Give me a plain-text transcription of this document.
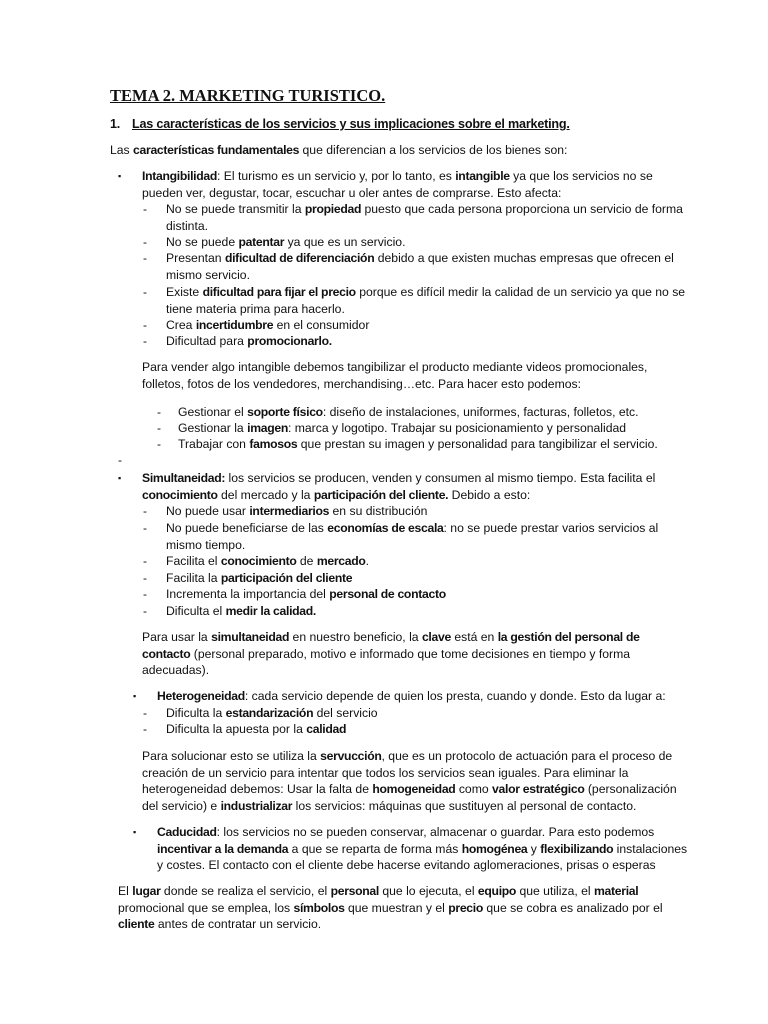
TEMA 2. MARKETING TURISTICO.
1. Las características de los servicios y sus implicaciones sobre el marketing.
Las características fundamentales que diferencian a los servicios de los bienes son:
▪ Intangibilidad: El turismo es un servicio y, por lo tanto, es intangible ya que los servicios no se
pueden ver, degustar, tocar, escuchar u oler antes de comprarse. Esto afecta:
- No se puede transmitir la propiedad puesto que cada persona proporciona un servicio de forma
distinta.
- No se puede patentar ya que es un servicio.
- Presentan dificultad de diferenciación debido a que existen muchas empresas que ofrecen el
mismo servicio.
- Existe dificultad para fijar el precio porque es difícil medir la calidad de un servicio ya que no se
tiene materia prima para hacerlo.
- Crea incertidumbre en el consumidor
- Dificultad para promocionarlo.
Para vender algo intangible debemos tangibilizar el producto mediante videos promocionales,
folletos, fotos de los vendedores, merchandising…etc. Para hacer esto podemos:
- Gestionar el soporte físico: diseño de instalaciones, uniformes, facturas, folletos, etc.
- Gestionar la imagen: marca y logotipo. Trabajar su posicionamiento y personalidad
- Trabajar con famosos que prestan su imagen y personalidad para tangibilizar el servicio.
-
▪ Simultaneidad: los servicios se producen, venden y consumen al mismo tiempo. Esta facilita el
conocimiento del mercado y la participación del cliente. Debido a esto:
- No puede usar intermediarios en su distribución
- No puede beneficiarse de las economías de escala: no se puede prestar varios servicios al
mismo tiempo.
- Facilita el conocimiento de mercado.
- Facilita la participación del cliente
- Incrementa la importancia del personal de contacto
- Dificulta el medir la calidad.
Para usar la simultaneidad en nuestro beneficio, la clave está en la gestión del personal de
contacto (personal preparado, motivo e informado que tome decisiones en tiempo y forma
adecuadas).
▪ Heterogeneidad: cada servicio depende de quien los presta, cuando y donde. Esto da lugar a:
- Dificulta la estandarización del servicio
- Dificulta la apuesta por la calidad
Para solucionar esto se utiliza la servucción, que es un protocolo de actuación para el proceso de
creación de un servicio para intentar que todos los servicios sean iguales. Para eliminar la
heterogeneidad debemos: Usar la falta de homogeneidad como valor estratégico (personalización
del servicio) e industrializar los servicios: máquinas que sustituyen al personal de contacto.
▪ Caducidad: los servicios no se pueden conservar, almacenar o guardar. Para esto podemos
incentivar a la demanda a que se reparta de forma más homogénea y flexibilizando instalaciones
y costes. El contacto con el cliente debe hacerse evitando aglomeraciones, prisas o esperas
El lugar donde se realiza el servicio, el personal que lo ejecuta, el equipo que utiliza, el material
promocional que se emplea, los símbolos que muestran y el precio que se cobra es analizado por el
cliente antes de contratar un servicio.
